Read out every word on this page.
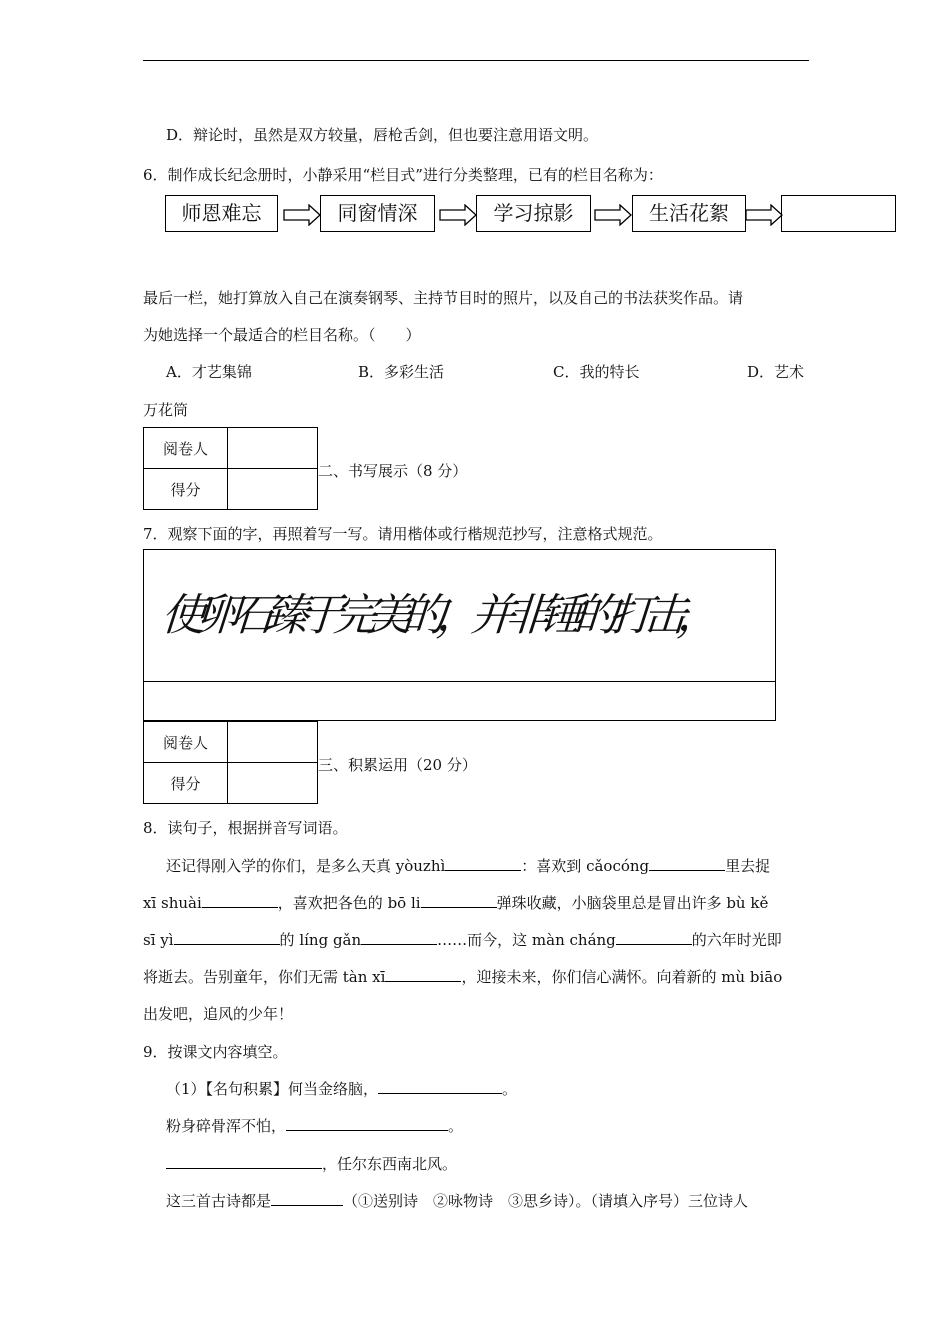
D．辩论时，虽然是双方较量，唇枪舌剑，但也要注意用语文明。
6．制作成长纪念册时，小静采用“栏目式”进行分类整理，已有的栏目名称为：
师恩难忘	同窗情深	学习掠影	生活花絮
最后一栏，她打算放入自己在演奏钢琴、主持节目时的照片，以及自己的书法获奖作品。请
为她选择一个最适合的栏目名称。（　　）
A．才艺集锦	B．多彩生活	C．我的特长	D．艺术
万花筒
阅卷人	
得分	
二、书写展示（8 分）
7．观察下面的字，再照着写一写。请用楷体或行楷规范抄写，注意格式规范。
使卵石臻于完美的，并非锤的打击，
阅卷人	
得分	
三、积累运用（20 分）
8．读句子，根据拼音写词语。
还记得刚入学的你们，是多么天真 yòuzhì	：喜欢到 cǎocóng	里去捉
xī shuài	，喜欢把各色的 bō li	弹珠收藏，小脑袋里总是冒出许多 bù kě
sī yì	的 líng gǎn	……而今，这 màn cháng	的六年时光即
将逝去。告别童年，你们无需 tàn xī	，迎接未来，你们信心满怀。向着新的 mù biāo
出发吧，追风的少年！
9．按课文内容填空。
（1）【名句积累】何当金络脑，	。
粉身碎骨浑不怕，	。
，任尔东西南北风。
这三首古诗都是	（①送别诗　②咏物诗　③思乡诗）。（请填入序号）三位诗人
